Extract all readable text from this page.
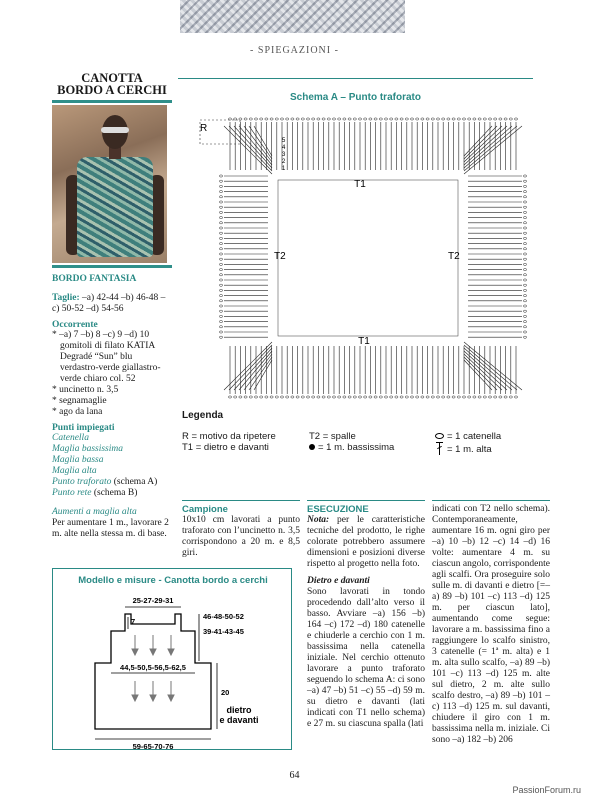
- SPIEGAZIONI -
CANOTTA
BORDO A CERCHI
BORDO FANTASIA
Taglie: –a) 42-44 –b) 46-48 –c) 50-52 –d) 54-56
Occorrente
* –a) 7 –b) 8 –c) 9 –d) 10 gomitoli di filato KATIA Degradé “Sun” blu verdastro-verde giallastro-verde chiaro col. 52
* uncinetto n. 3,5
* segnamaglie
* ago da lana
Punti impiegati
Catenella
Maglia bassissima
Maglia bassa
Maglia alta
Punto traforato (schema A)
Punto rete (schema B)
Aumenti a maglia alta
Per aumentare 1 m., lavorare 2 m. alte nella stessa m. di base.
Schema A – Punto traforato
1
2
3
4
5
R
T1
T1
T2	T2
Legenda
R = motivo da ripetere
T1 = dietro e davanti
T2 = spalle
= 1 m. bassissima
= 1 catenella
= 1 m. alta
Campione
10x10 cm lavorati a punto traforato con l’uncinetto n. 3,5 corrispondono a 20 m. e 8,5 giri.
ESECUZIONE
Nota: per le caratteristiche tecniche del prodotto, le righe colorate potrebbero assumere dimensioni e posizioni diverse rispetto al progetto nella foto.
Dietro e davanti
Sono lavorati in tondo procedendo dall’alto verso il basso. Avviare –a) 156 –b) 164 –c) 172 –d) 180 catenelle e chiuderle a cerchio con 1 m. bassissima nella catenella iniziale. Nel cerchio ottenuto lavorare a punto traforato seguendo lo schema A: ci sono –a) 47 –b) 51 –c) 55 –d) 59 m. su dietro e davanti (lati indicati con T1 nello schema) e 27 m. su ciascuna spalla (lati
indicati con T2 nello schema). Contemporaneamente, aumentare 16 m. ogni giro per –a) 10 –b) 12 –c) 14 –d) 16 volte: aumentare 4 m. su ciascun angolo, corrispondente agli scalfi. Ora proseguire solo sulle m. di davanti e dietro [=–a) 89 –b) 101 –c) 113 –d) 125 m. per ciascun lato], aumentando come segue: lavorare a m. bassissima fino a raggiungere lo scalfo sinistro, 3 catenelle (= 1ª m. alta) e 1 m. alta sullo scalfo, –a) 89 –b) 101 –c) 113 –d) 125 m. alte sul dietro, 2 m. alte sullo scalfo destro, –a) 89 –b) 101 –c) 113 –d) 125 m. sul davanti, chiudere il giro con 1 m. bassissima nella m. iniziale. Ci sono –a) 182 –b) 206
Modello e misure - Canotta bordo a cerchi
25-27-29-31
7
46-48-50-52
39-41-43-45
44,5-50,5-56,5-62,5
20
dietro e davanti
59-65-70-76
64
PassionForum.ru
